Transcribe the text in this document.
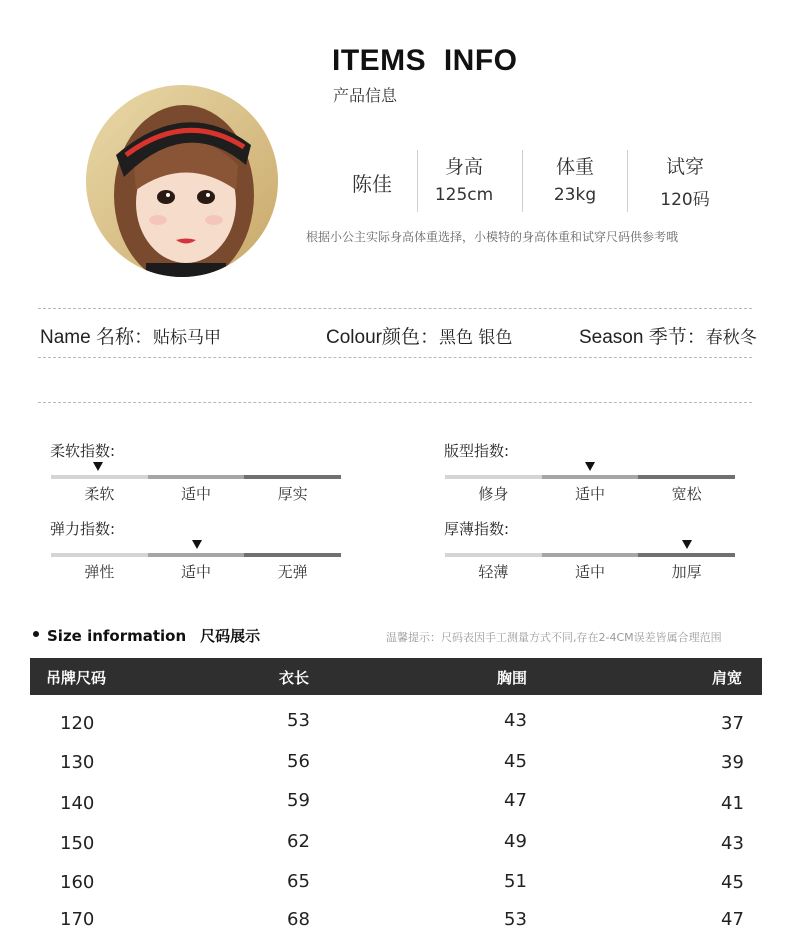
ITEMS  INFO
产品信息
陈佳
身高
125cm
体重
23kg
试穿
120码
根据小公主实际身高体重选择，小模特的身高体重和试穿尺码供参考哦
Name 名称：贴标马甲	Colour颜色：黑色 银色	Season 季节：春秋冬
柔软指数:
柔软	适中	厚实
版型指数:
修身	适中	宽松
弹力指数:
弹性	适中	无弹
厚薄指数:
轻薄	适中	加厚
Size information 尺码展示	温馨提示：尺码表因手工测量方式不同,存在2-4CM误差皆属合理范围
吊牌尺码	衣长	胸围	肩宽
120	53	43	37
130	56	45	39
140	59	47	41
150	62	49	43
160	65	51	45
170	68	53	47
